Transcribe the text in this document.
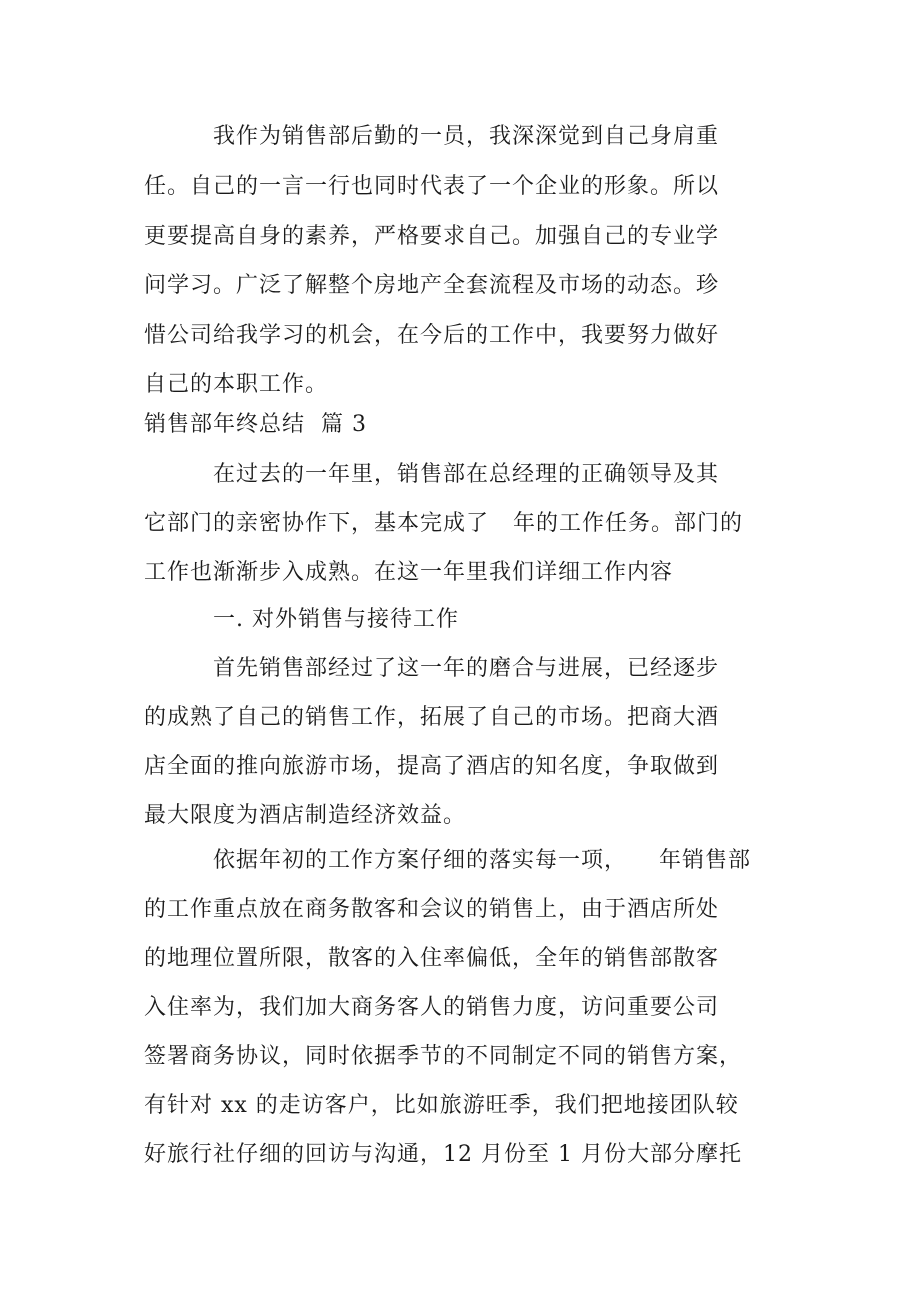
我作为销售部后勤的一员，我深深觉到自己身肩重
任。自己的一言一行也同时代表了一个企业的形象。所以
更要提高自身的素养，严格要求自己。加强自己的专业学
问学习。广泛了解整个房地产全套流程及市场的动态。珍
惜公司给我学习的机会，在今后的工作中，我要努力做好
自己的本职工作。
销售部年终总结  篇 3
在过去的一年里，销售部在总经理的正确领导及其
它部门的亲密协作下，基本完成了   年的工作任务。部门的
工作也渐渐步入成熟。在这一年里我们详细工作内容
一. 对外销售与接待工作
首先销售部经过了这一年的磨合与进展，已经逐步
的成熟了自己的销售工作，拓展了自己的市场。把商大酒
店全面的推向旅游市场，提高了酒店的知名度，争取做到
最大限度为酒店制造经济效益。
依据年初的工作方案仔细的落实每一项，    年销售部
的工作重点放在商务散客和会议的销售上，由于酒店所处
的地理位置所限，散客的入住率偏低，全年的销售部散客
入住率为，我们加大商务客人的销售力度，访问重要公司
签署商务协议，同时依据季节的不同制定不同的销售方案，
有针对 xx 的走访客户，比如旅游旺季，我们把地接团队较
好旅行社仔细的回访与沟通，12 月份至 1 月份大部分摩托
